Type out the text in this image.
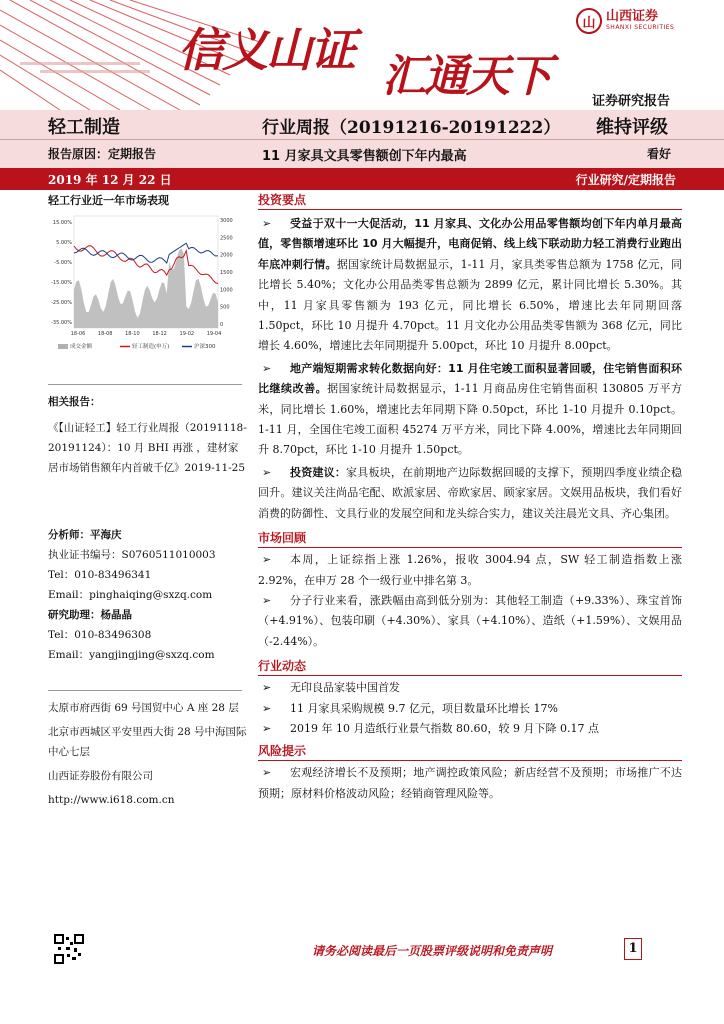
信义山证 汇通天下
山 山西证券
SHANXI SECURITIES
证券研究报告
轻工制造	行业周报（20191216-20191222） 维持评级
报告原因：定期报告	11 月家具文具零售额创下年内最高	看好
2019 年 12 月 22 日	行业研究/定期报告
轻工行业近一年市场表现
15.00%
5.00%
-5.00%
-15.00%
-25.00%
-35.00%
3000
2500
2000
1500
1000
500
0
18-06	18-08	18-10	18-12	19-02	19-04
成交金额	轻工制造(申万)	沪深300
相关报告：
《【山证轻工】轻工行业周报（20191118-20191124）：10 月 BHI 再涨 ，建材家居市场销售额年内首破千亿》2019-11-25
分析师：平海庆
执业证书编号：S0760511010003
Tel：010-83496341
Email：pinghaiqing@sxzq.com
研究助理：杨晶晶
Tel：010-83496308
Email：yangjingjing@sxzq.com
太原市府西街 69 号国贸中心 A 座 28 层
北京市西城区平安里西大街 28 号中海国际中心七层
山西证券股份有限公司
http://www.i618.com.cn
投资要点
➢ 受益于双十一大促活动，11 月家具、文化办公用品零售额均创下年内单月最高值，零售额增速环比 10 月大幅提升，电商促销、线上线下联动助力轻工消费行业跑出年底冲刺行情。据国家统计局数据显示，1-11 月，家具类零售总额为 1758 亿元，同比增长 5.40%；文化办公用品类零售总额为 2899 亿元，累计同比增长 5.30%。其中，11 月家具零售额为 193 亿元，同比增长 6.50%，增速比去年同期回落 1.50pct，环比 10 月提升 4.70pct。11 月文化办公用品类零售额为 368 亿元，同比增长 4.60%，增速比去年同期提升 5.00pct，环比 10 月提升 8.00pct。
➢ 地产端短期需求转化数据向好：11 月住宅竣工面积显著回暖，住宅销售面积环比继续改善。据国家统计局数据显示，1-11 月商品房住宅销售面积 130805 万平方米，同比增长 1.60%，增速比去年同期下降 0.50pct，环比 1-10 月提升 0.10pct。1-11 月，全国住宅竣工面积 45274 万平方米，同比下降 4.00%，增速比去年同期回升 8.70pct，环比 1-10 月提升 1.50pct。
➢ 投资建议：家具板块，在前期地产边际数据回暖的支撑下，预期四季度业绩企稳回升。建议关注尚品宅配、欧派家居、帝欧家居、顾家家居。文娱用品板块，我们看好消费的防御性、文具行业的发展空间和龙头综合实力，建议关注晨光文具、齐心集团。
市场回顾
➢ 本周，上证综指上涨 1.26%，报收 3004.94 点，SW 轻工制造指数上涨 2.92%，在申万 28 个一级行业中排名第 3。
➢ 分子行业来看，涨跌幅由高到低分别为：其他轻工制造（+9.33%）、珠宝首饰（+4.91%）、包装印刷（+4.30%）、家具（+4.10%）、造纸（+1.59%）、文娱用品（-2.44%）。
行业动态
➢ 无印良品家装中国首发
➢ 11 月家具采购规模 9.7 亿元，项目数量环比增长 17%
➢ 2019 年 10 月造纸行业景气指数 80.60，较 9 月下降 0.17 点
风险提示
➢ 宏观经济增长不及预期；地产调控政策风险；新店经营不及预期；市场推广不达预期；原材料价格波动风险；经销商管理风险等。
请务必阅读最后一页股票评级说明和免责声明	1
